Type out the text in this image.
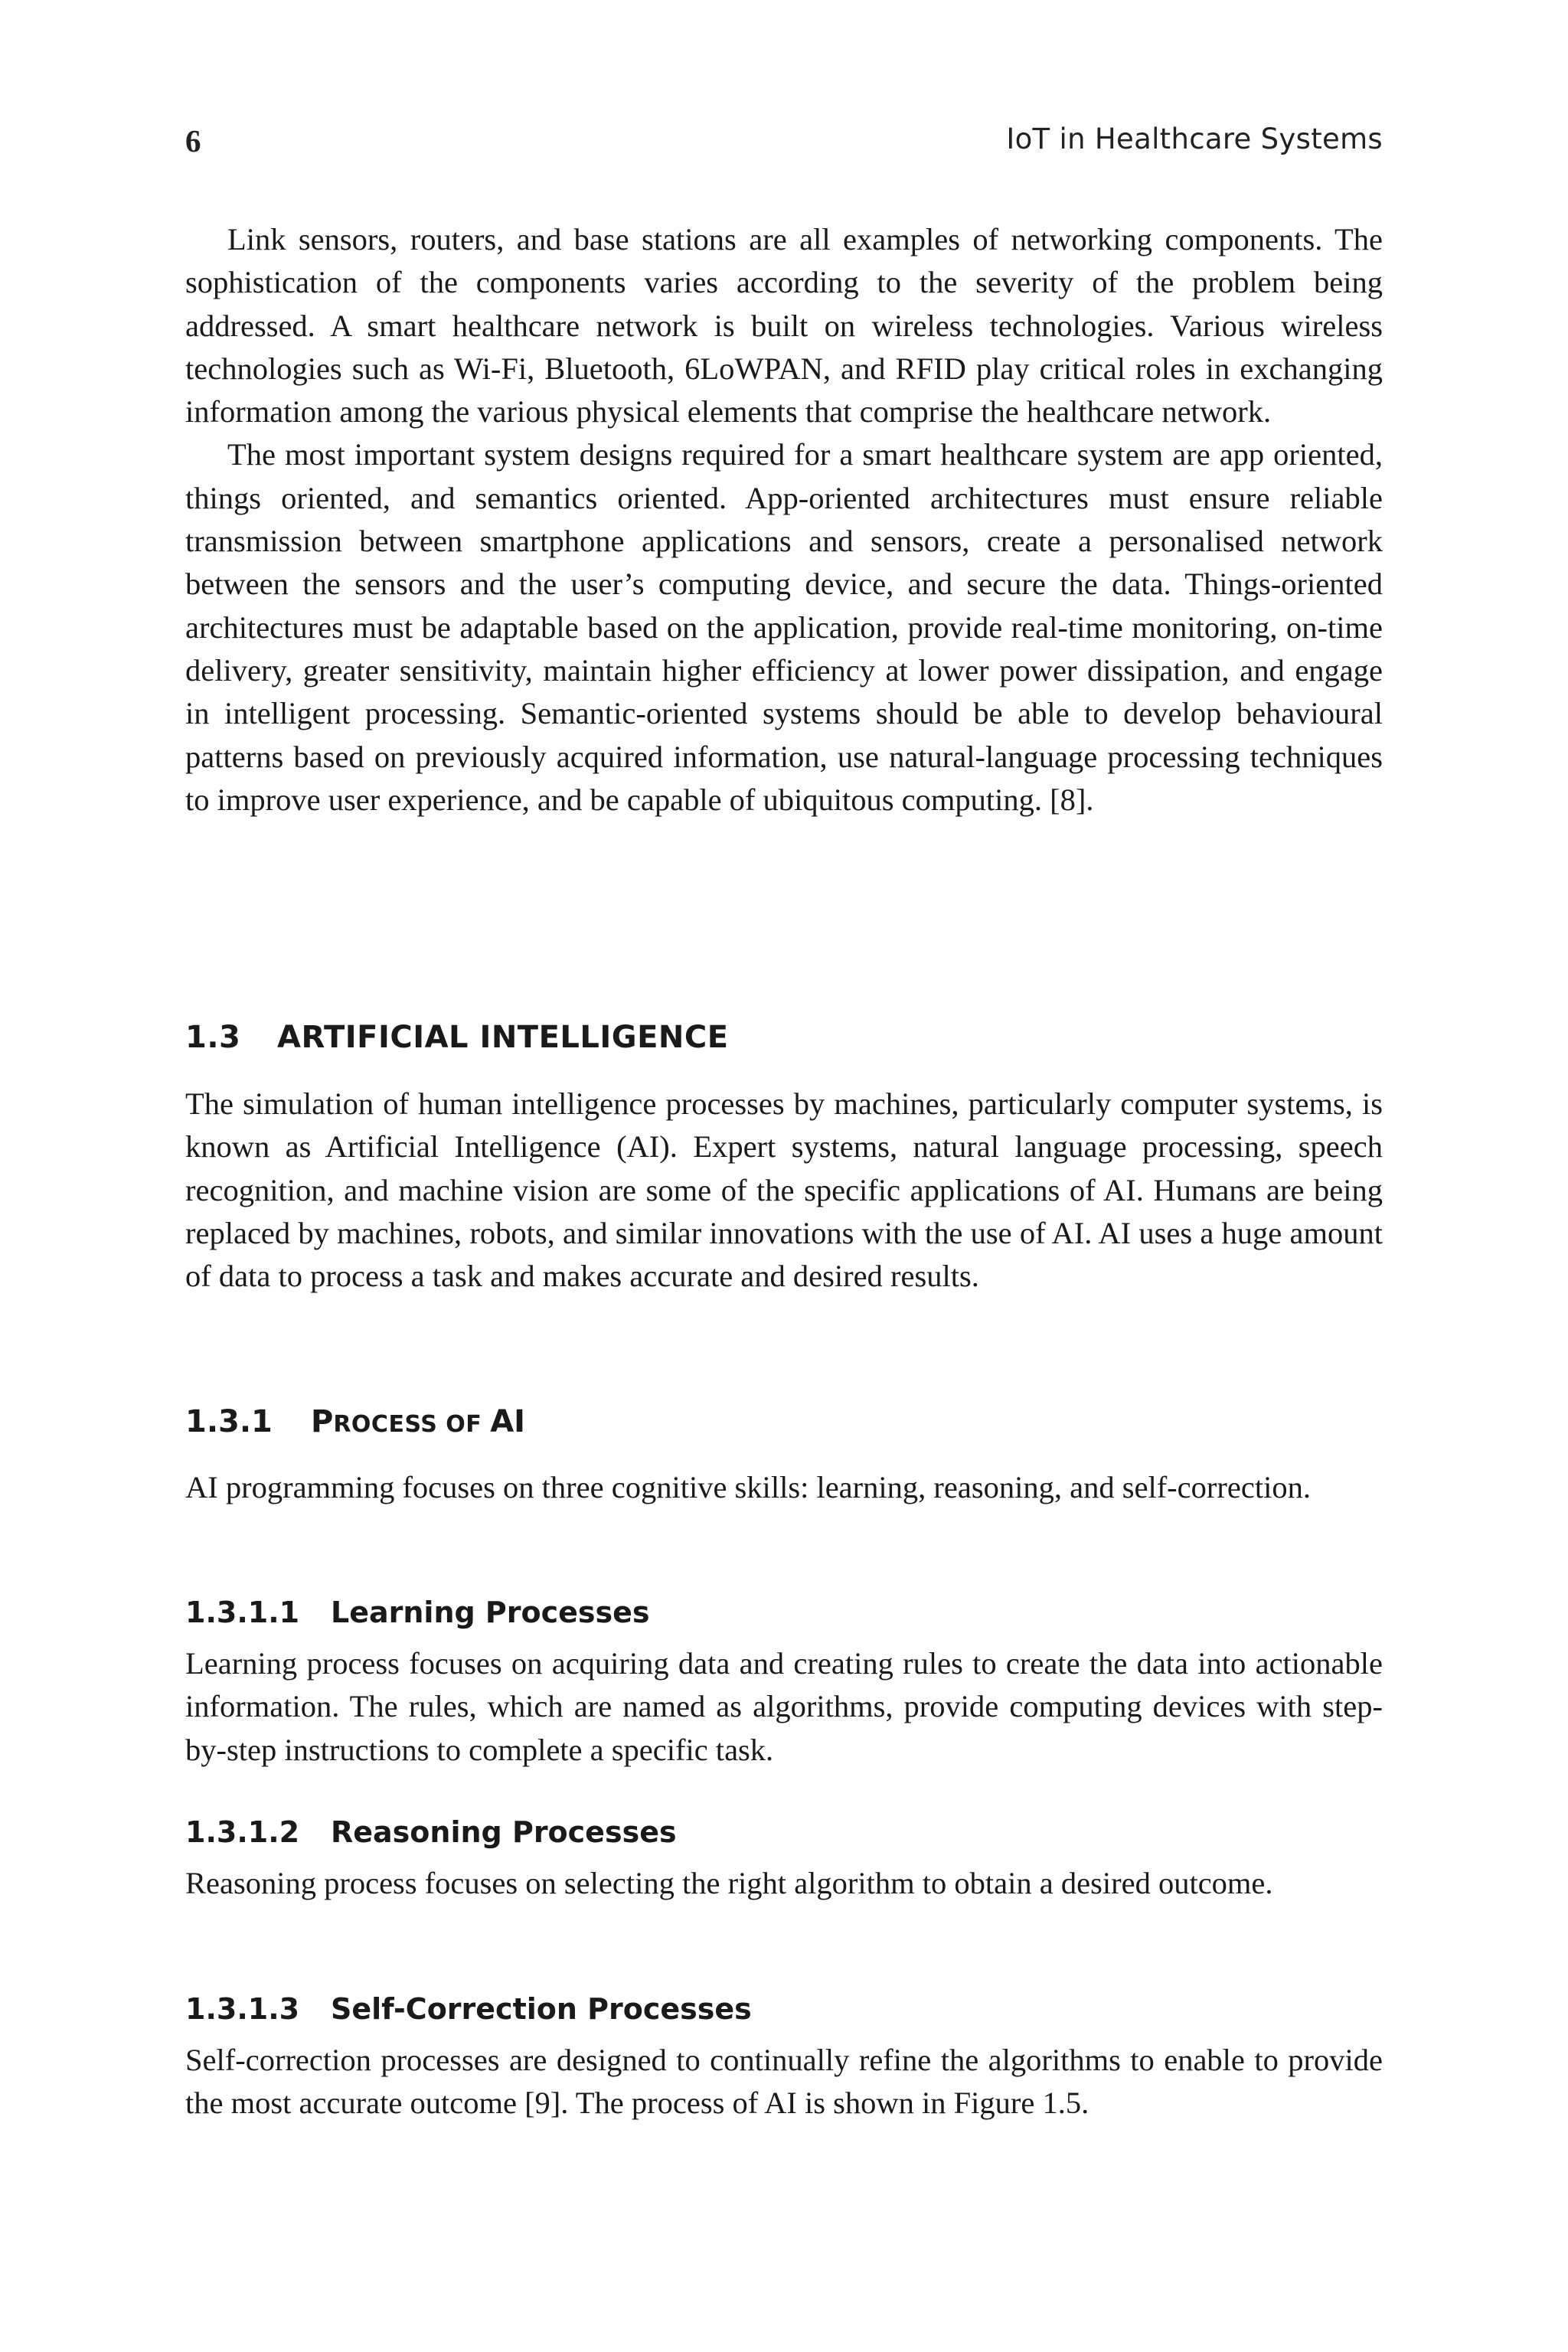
6	IoT in Healthcare Systems

Link sensors, routers, and base stations are all examples of networking components. The sophistication of the components varies according to the severity of the problem being addressed. A smart healthcare network is built on wireless technologies. Various wireless technologies such as Wi-Fi, Bluetooth, 6LoWPAN, and RFID play critical roles in exchanging information among the various physical elements that comprise the healthcare network.

The most important system designs required for a smart healthcare system are app oriented, things oriented, and semantics oriented. App-oriented architectures must ensure reliable transmission between smartphone applications and sensors, create a personalised network between the sensors and the user’s computing device, and secure the data. Things-oriented architectures must be adaptable based on the application, provide real-time monitoring, on-time delivery, greater sensitivity, maintain higher efficiency at lower power dissipation, and engage in intelligent processing. Semantic-oriented systems should be able to develop behavioural patterns based on previously acquired information, use natural-language processing techniques to improve user experience, and be capable of ubiquitous computing. [8].

1.3 ARTIFICIAL INTELLIGENCE

The simulation of human intelligence processes by machines, particularly computer systems, is known as Artificial Intelligence (AI). Expert systems, natural language processing, speech recognition, and machine vision are some of the specific applications of AI. Humans are being replaced by machines, robots, and similar innovations with the use of AI. AI uses a huge amount of data to process a task and makes accurate and desired results.

1.3.1 PROCESS OF AI

AI programming focuses on three cognitive skills: learning, reasoning, and self-correction.

1.3.1.1 Learning Processes

Learning process focuses on acquiring data and creating rules to create the data into actionable information. The rules, which are named as algorithms, provide computing devices with step-by-step instructions to complete a specific task.

1.3.1.2 Reasoning Processes

Reasoning process focuses on selecting the right algorithm to obtain a desired outcome.

1.3.1.3 Self-Correction Processes

Self-correction processes are designed to continually refine the algorithms to enable to provide the most accurate outcome [9]. The process of AI is shown in Figure 1.5.
